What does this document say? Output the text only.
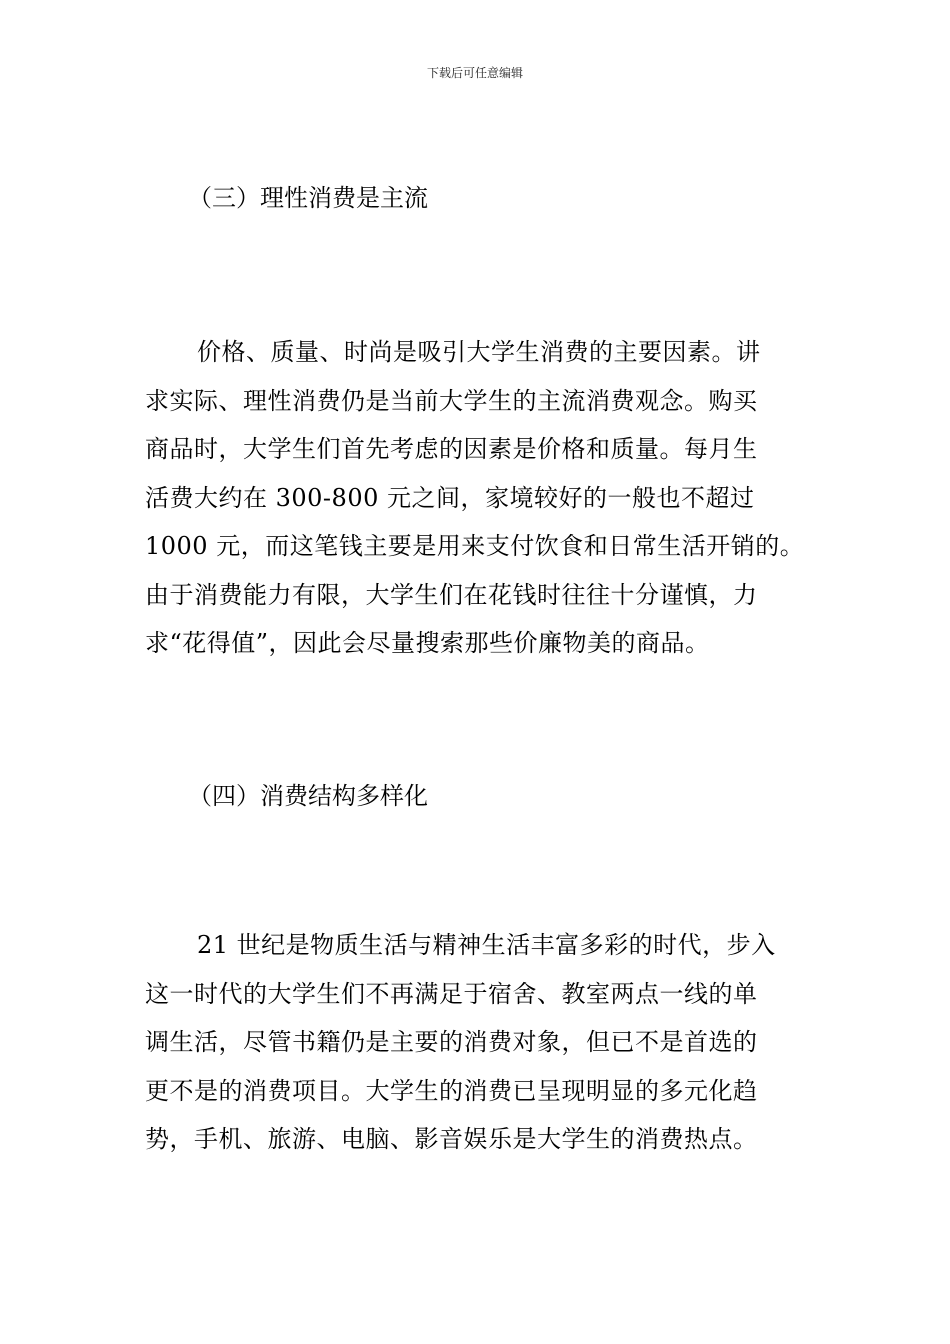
下载后可任意编辑
（三）理性消费是主流
价格、质量、时尚是吸引大学生消费的主要因素。讲
求实际、理性消费仍是当前大学生的主流消费观念。购买
商品时，大学生们首先考虑的因素是价格和质量。每月生
活费大约在 300-800 元之间，家境较好的一般也不超过
1000 元，而这笔钱主要是用来支付饮食和日常生活开销的。
由于消费能力有限，大学生们在花钱时往往十分谨慎，力
求“花得值”，因此会尽量搜索那些价廉物美的商品。
（四）消费结构多样化
21 世纪是物质生活与精神生活丰富多彩的时代，步入
这一时代的大学生们不再满足于宿舍、教室两点一线的单
调生活，尽管书籍仍是主要的消费对象，但已不是首选的
更不是的消费项目。大学生的消费已呈现明显的多元化趋
势，手机、旅游、电脑、影音娱乐是大学生的消费热点。
